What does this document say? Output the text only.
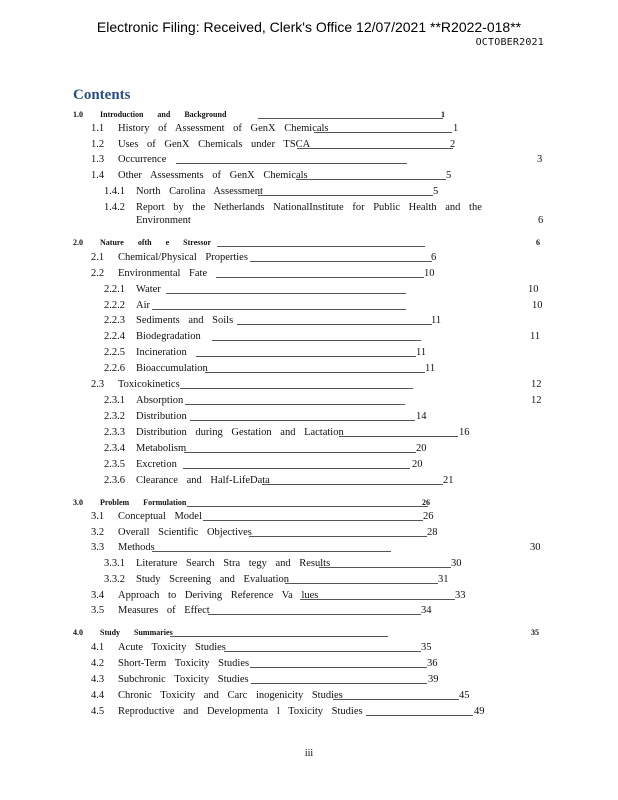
Electronic Filing: Received, Clerk's Office 12/07/2021 **R2022-018**
OCTOBER2021
Contents
1.0 Introduction and Background	1
1.1 History of Assessment of GenX Chemicals	1
1.2 Uses of GenX Chemicals under TSCA	2
1.3 Occurrence	3
1.4 Other Assessments of GenX Chemicals	5
1.4.1 North Carolina Assessment	5
1.4.2 Report by the Netherlands NationalInstitute for Public Health and the
Environment	6
2.0 Nature ofth e Stressor	6
2.1 Chemical/Physical Properties	6
2.2 Environmental Fate	10
2.2.1 Water	10
2.2.2 Air	10
2.2.3 Sediments and Soils	11
2.2.4 Biodegradation	11
2.2.5 Incineration	11
2.2.6 Bioaccumulation	11
2.3 Toxicokinetics	12
2.3.1 Absorption	12
2.3.2 Distribution	14
2.3.3 Distribution during Gestation and Lactation	16
2.3.4 Metabolism	20
2.3.5 Excretion	20
2.3.6 Clearance and Half-LifeData	21
3.0 Problem Formulation	26
3.1 Conceptual Model	26
3.2 Overall Scientific Objectives	28
3.3 Methods	30
3.3.1 Literature Search Stra tegy and Results	30
3.3.2 Study Screening and Evaluation	31
3.4 Approach to Deriving Reference Va lues	33
3.5 Measures of Effect	34
4.0 Study Summaries	35
4.1 Acute Toxicity Studies	35
4.2 Short-Term Toxicity Studies	36
4.3 Subchronic Toxicity Studies	39
4.4 Chronic Toxicity and Carc inogenicity Studies	45
4.5 Reproductive and Developmenta l Toxicity Studies	49
iii
